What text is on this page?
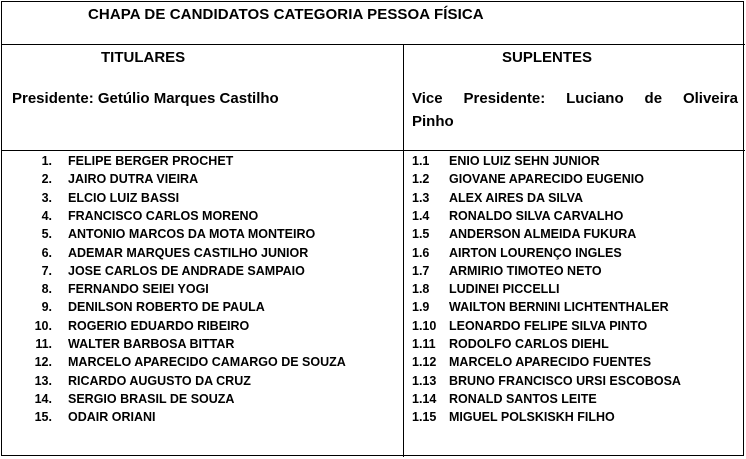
CHAPA DE CANDIDATOS CATEGORIA PESSOA FÍSICA
TITULARES	SUPLENTES
Presidente: Getúlio Marques Castilho	Vice Presidente: Luciano de Oliveira
Pinho
1. FELIPE BERGER PROCHET
2. JAIRO DUTRA VIEIRA
3. ELCIO LUIZ BASSI
4. FRANCISCO CARLOS MORENO
5. ANTONIO MARCOS DA MOTA MONTEIRO
6. ADEMAR MARQUES CASTILHO JUNIOR
7. JOSE CARLOS DE ANDRADE SAMPAIO
8. FERNANDO SEIEI YOGI
9. DENILSON ROBERTO DE PAULA
10. ROGERIO EDUARDO RIBEIRO
11. WALTER BARBOSA BITTAR
12. MARCELO APARECIDO CAMARGO DE SOUZA
13. RICARDO AUGUSTO DA CRUZ
14. SERGIO BRASIL DE SOUZA
15. ODAIR ORIANI
1.1 ENIO LUIZ SEHN JUNIOR
1.2 GIOVANE APARECIDO EUGENIO
1.3 ALEX AIRES DA SILVA
1.4 RONALDO SILVA CARVALHO
1.5 ANDERSON ALMEIDA FUKURA
1.6 AIRTON LOURENÇO INGLES
1.7 ARMIRIO TIMOTEO NETO
1.8 LUDINEI PICCELLI
1.9 WAILTON BERNINI LICHTENTHALER
1.10 LEONARDO FELIPE SILVA PINTO
1.11 RODOLFO CARLOS DIEHL
1.12 MARCELO APARECIDO FUENTES
1.13 BRUNO FRANCISCO URSI ESCOBOSA
1.14 RONALD SANTOS LEITE
1.15 MIGUEL POLSKISKH FILHO
